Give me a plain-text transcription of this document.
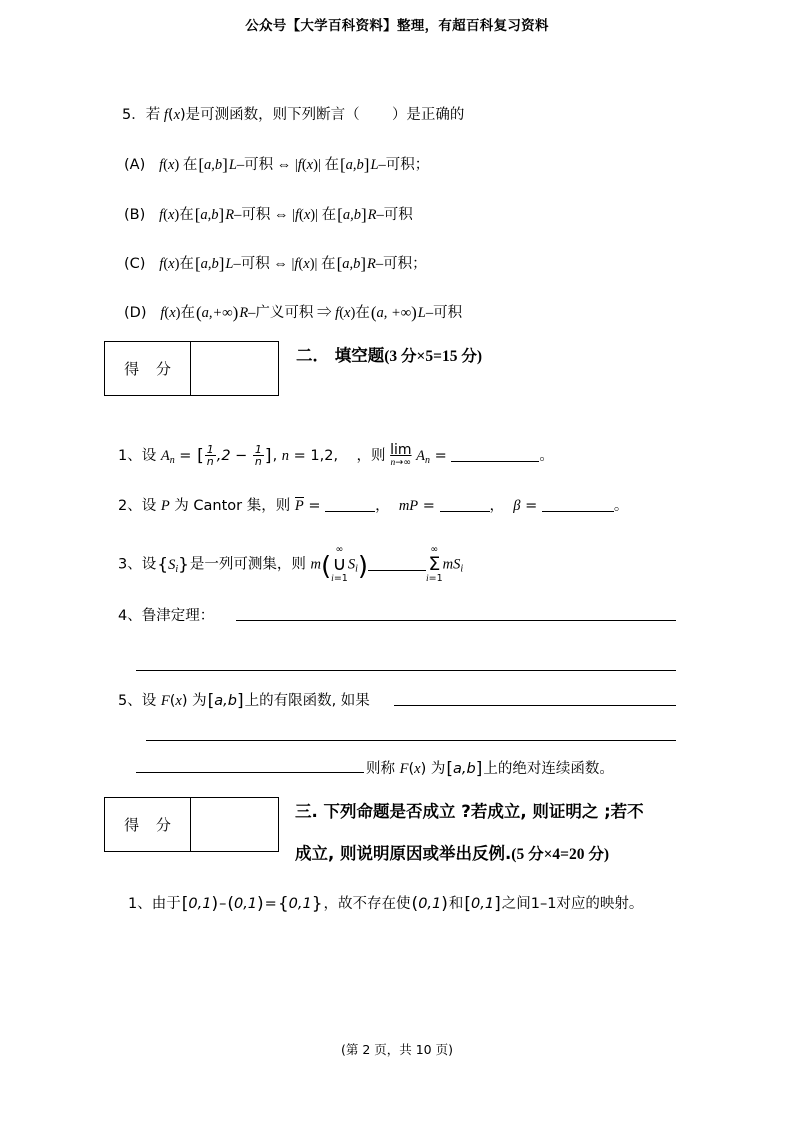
公众号【大学百科资料】整理，有超百科复习资料
5．若 f(x)是可测函数，则下列断言（ ）是正确的
(A) f(x) 在 [ a,b ] L–可积 ⇔ |f(x)| 在 [ a,b ] L–可积；
(B) f(x)在 [ a,b ] R–可积 ⇔ |f(x)| 在 [ a,b ] R–可积
(C) f(x)在 [ a,b ] L–可积 ⇔ |f(x)| 在 [ a,b ] R–可积；
(D) f(x)在 ( a,+∞ ) R–广义可积 ⇒ f(x)在 ( a, +∞ ) L–可积
得 分
二． 填空题(3 分×5=15 分)
1、设 $A_n$ = [ $\frac{1}{n} ,2 - \frac{1}{n}$
] , n = 1,2,    ，则 lim
n→∞ $A_n$ =	。
2、设 P 为 Cantor 集，则 P =	，  mP =	，  β =	。
3、设 { $S_i$ } 是一列可测集，则 m(
∞
∪
i=1
$S_i$)
∞
Σ
i=1
$mS_i$
4、鲁津定理：
5、设 F(x) 为 [ a,b ] 上的有限函数, 如果
则称 F(x) 为 [ a,b ] 上的绝对连续函数。
得 分
三. 下列命题是否成立 ?若成立, 则证明之 ;若不
成立, 则说明原因或举出反例.(5 分×4=20 分)
1、由于 [ 0,1 ) – ( 0,1 ) = { 0,1 } ，故不存在使 ( 0,1 ) 和 [ 0,1 ] 之间1–1对应的映射。
(第 2 页，共 10 页)
